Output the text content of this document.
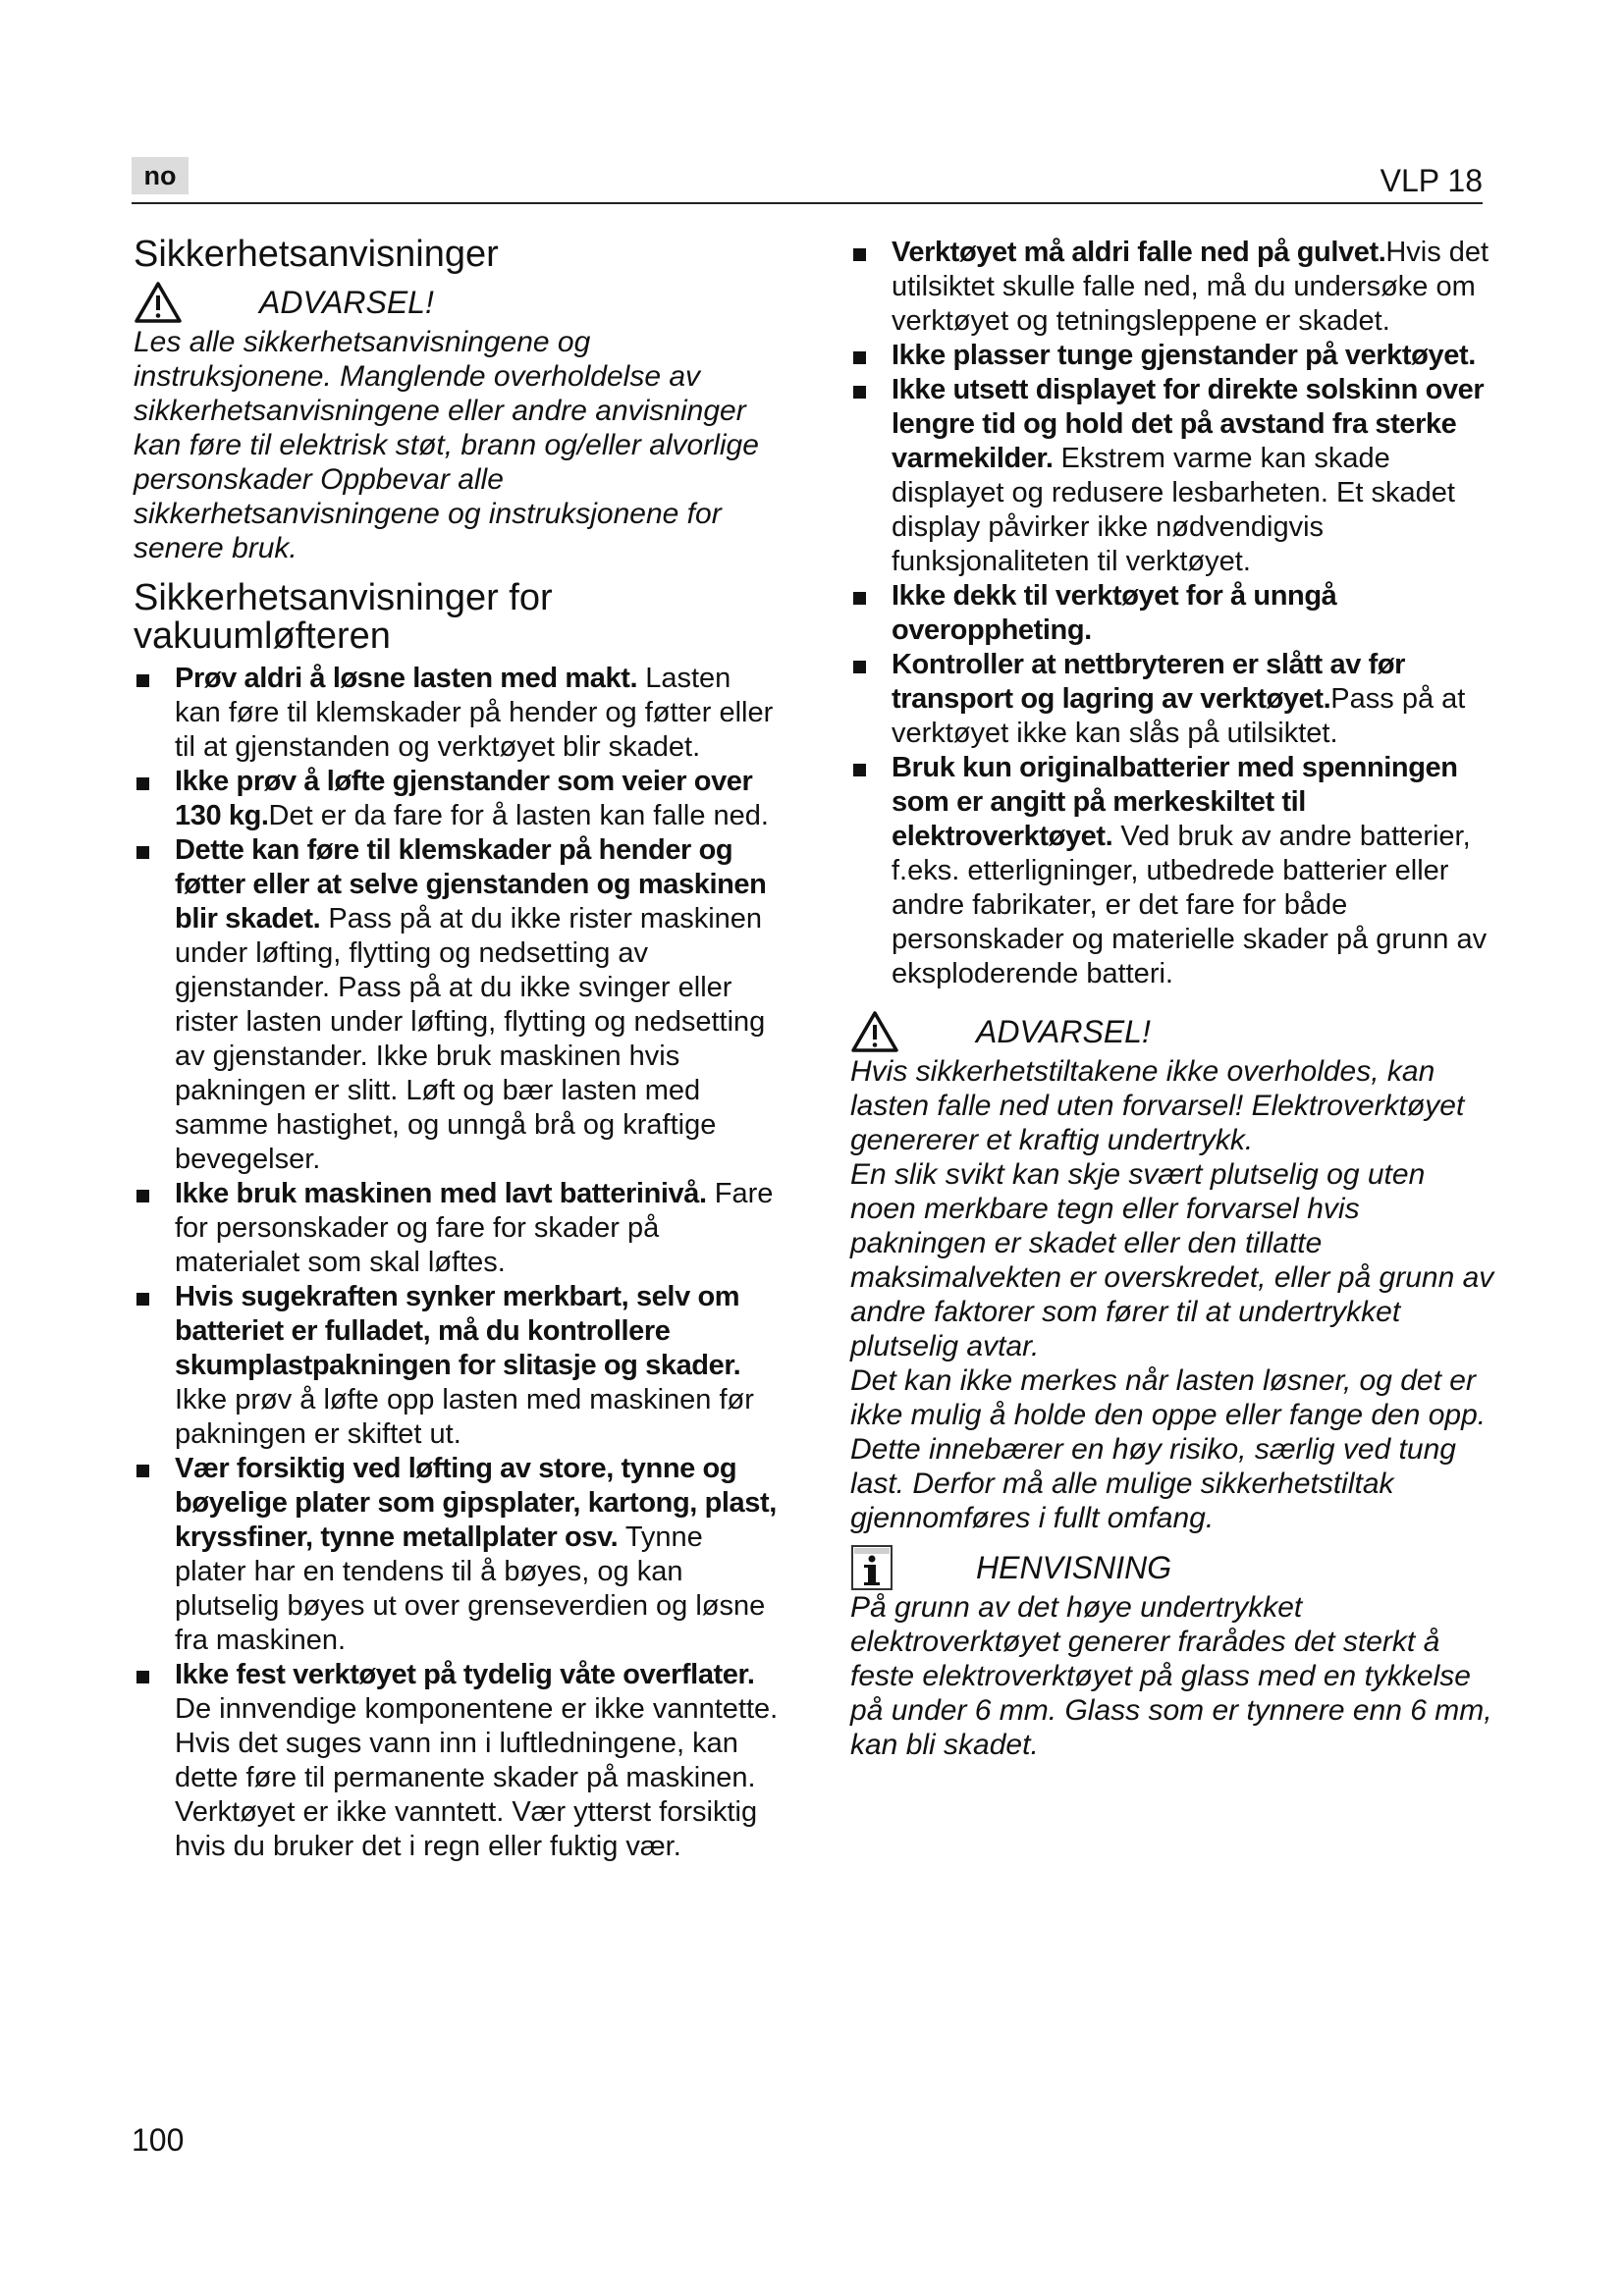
no	VLP 18
Sikkerhetsanvisninger
ADVARSEL!

Les alle sikkerhetsanvisningene og instruksjonene. Manglende overholdelse av sikkerhetsanvisningene eller andre anvisninger kan føre til elektrisk støt, brann og/eller alvorlige personskader Oppbevar alle sikkerhetsanvisningene og instruksjonene for senere bruk.

Sikkerhetsanvisninger for vakuumløfteren
Prøv aldri å løsne lasten med makt. Lasten kan føre til klemskader på hender og føtter eller til at gjenstanden og verktøyet blir skadet.
Ikke prøv å løfte gjenstander som veier over 130 kg.Det er da fare for å lasten kan falle ned.
Dette kan føre til klemskader på hender og føtter eller at selve gjenstanden og maskinen blir skadet. Pass på at du ikke rister maskinen under løfting, flytting og nedsetting av gjenstander. Pass på at du ikke svinger eller rister lasten under løfting, flytting og nedsetting av gjenstander. Ikke bruk maskinen hvis pakningen er slitt. Løft og bær lasten med samme hastighet, og unngå brå og kraftige bevegelser.
Ikke bruk maskinen med lavt batterinivå. Fare for personskader og fare for skader på materialet som skal løftes.
Hvis sugekraften synker merkbart, selv om batteriet er fulladet, må du kontrollere skumplastpakningen for slitasje og skader. Ikke prøv å løfte opp lasten med maskinen før pakningen er skiftet ut.
Vær forsiktig ved løfting av store, tynne og bøyelige plater som gipsplater, kartong, plast, kryssfiner, tynne metallplater osv. Tynne plater har en tendens til å bøyes, og kan plutselig bøyes ut over grenseverdien og løsne fra maskinen.
Ikke fest verktøyet på tydelig våte overflater. De innvendige komponentene er ikke vanntette. Hvis det suges vann inn i luftledningene, kan dette føre til permanente skader på maskinen. Verktøyet er ikke vanntett. Vær ytterst forsiktig hvis du bruker det i regn eller fuktig vær.
Verktøyet må aldri falle ned på gulvet.Hvis det utilsiktet skulle falle ned, må du undersøke om verktøyet og tetningsleppene er skadet.
Ikke plasser tunge gjenstander på verktøyet.
Ikke utsett displayet for direkte solskinn over lengre tid og hold det på avstand fra sterke varmekilder. Ekstrem varme kan skade displayet og redusere lesbarheten. Et skadet display påvirker ikke nødvendigvis funksjonaliteten til verktøyet.
Ikke dekk til verktøyet for å unngå overoppheting.
Kontroller at nettbryteren er slått av før transport og lagring av verktøyet.Pass på at verktøyet ikke kan slås på utilsiktet.
Bruk kun originalbatterier med spenningen som er angitt på merkeskiltet til elektroverktøyet. Ved bruk av andre batterier, f.eks. etterligninger, utbedrede batterier eller andre fabrikater, er det fare for både personskader og materielle skader på grunn av eksploderende batteri.
ADVARSEL!

Hvis sikkerhetstiltakene ikke overholdes, kan lasten falle ned uten forvarsel! Elektroverktøyet genererer et kraftig undertrykk.

En slik svikt kan skje svært plutselig og uten noen merkbare tegn eller forvarsel hvis pakningen er skadet eller den tillatte maksimalvekten er overskredet, eller på grunn av andre faktorer som fører til at undertrykket plutselig avtar.

Det kan ikke merkes når lasten løsner, og det er ikke mulig å holde den oppe eller fange den opp. Dette innebærer en høy risiko, særlig ved tung last. Derfor må alle mulige sikkerhetstiltak gjennomføres i fullt omfang.

HENVISNING

På grunn av det høye undertrykket elektroverktøyet generer frarådes det sterkt å feste elektroverktøyet på glass med en tykkelse på under 6 mm. Glass som er tynnere enn 6 mm, kan bli skadet.

100
